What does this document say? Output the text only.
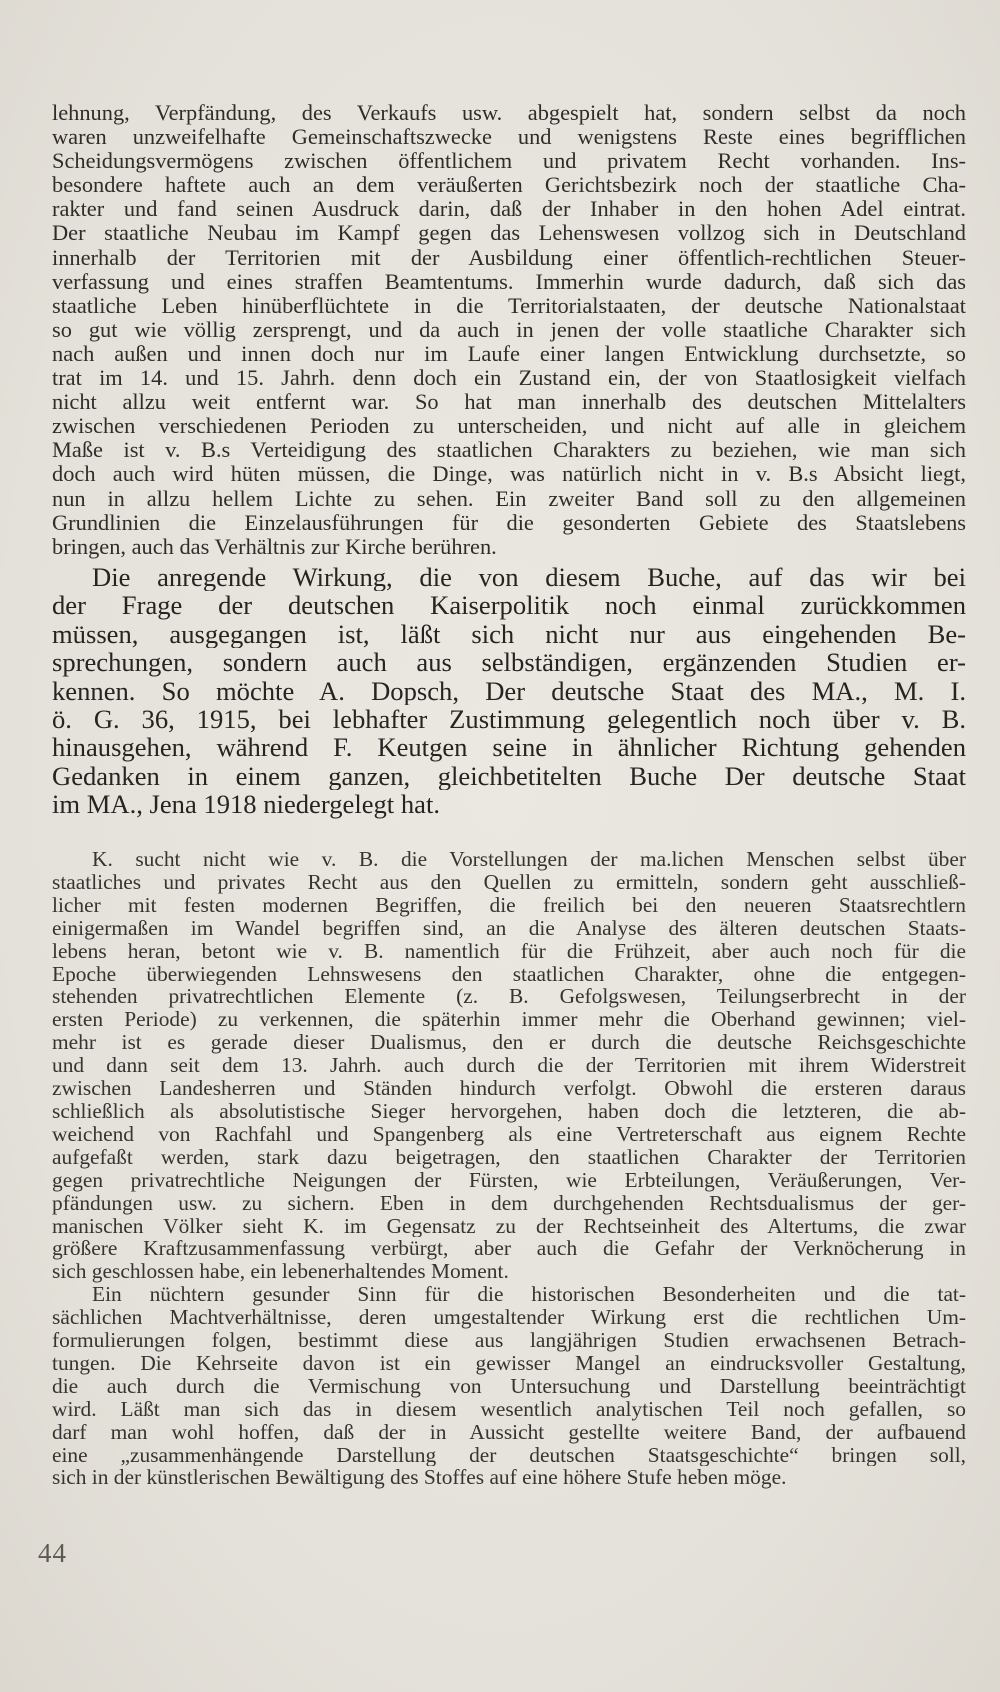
lehnung, Verpfändung, des Verkaufs usw. abgespielt hat, sondern selbst da noch
waren unzweifelhafte Gemeinschaftszwecke und wenigstens Reste eines begrifflichen
Scheidungsvermögens zwischen öffentlichem und privatem Recht vorhanden. Ins-
besondere haftete auch an dem veräußerten Gerichtsbezirk noch der staatliche Cha-
rakter und fand seinen Ausdruck darin, daß der Inhaber in den hohen Adel eintrat.
Der staatliche Neubau im Kampf gegen das Lehenswesen vollzog sich in Deutschland
innerhalb der Territorien mit der Ausbildung einer öffentlich-rechtlichen Steuer-
verfassung und eines straffen Beamtentums. Immerhin wurde dadurch, daß sich das
staatliche Leben hinüberflüchtete in die Territorialstaaten, der deutsche Nationalstaat
so gut wie völlig zersprengt, und da auch in jenen der volle staatliche Charakter sich
nach außen und innen doch nur im Laufe einer langen Entwicklung durchsetzte, so
trat im 14. und 15. Jahrh. denn doch ein Zustand ein, der von Staatlosigkeit vielfach
nicht allzu weit entfernt war. So hat man innerhalb des deutschen Mittelalters
zwischen verschiedenen Perioden zu unterscheiden, und nicht auf alle in gleichem
Maße ist v. B.s Verteidigung des staatlichen Charakters zu beziehen, wie man sich
doch auch wird hüten müssen, die Dinge, was natürlich nicht in v. B.s Absicht liegt,
nun in allzu hellem Lichte zu sehen. Ein zweiter Band soll zu den allgemeinen
Grundlinien die Einzelausführungen für die gesonderten Gebiete des Staatslebens
bringen, auch das Verhältnis zur Kirche berühren.
Die anregende Wirkung, die von diesem Buche, auf das wir bei
der Frage der deutschen Kaiserpolitik noch einmal zurückkommen
müssen, ausgegangen ist, läßt sich nicht nur aus eingehenden Be-
sprechungen, sondern auch aus selbständigen, ergänzenden Studien er-
kennen. So möchte A. Dopsch, Der deutsche Staat des MA., M. I.
ö. G. 36, 1915, bei lebhafter Zustimmung gelegentlich noch über v. B.
hinausgehen, während F. Keutgen seine in ähnlicher Richtung gehenden
Gedanken in einem ganzen, gleichbetitelten Buche Der deutsche Staat
im MA., Jena 1918 niedergelegt hat.
K. sucht nicht wie v. B. die Vorstellungen der ma.lichen Menschen selbst über
staatliches und privates Recht aus den Quellen zu ermitteln, sondern geht ausschließ-
licher mit festen modernen Begriffen, die freilich bei den neueren Staatsrechtlern
einigermaßen im Wandel begriffen sind, an die Analyse des älteren deutschen Staats-
lebens heran, betont wie v. B. namentlich für die Frühzeit, aber auch noch für die
Epoche überwiegenden Lehnswesens den staatlichen Charakter, ohne die entgegen-
stehenden privatrechtlichen Elemente (z. B. Gefolgswesen, Teilungserbrecht in der
ersten Periode) zu verkennen, die späterhin immer mehr die Oberhand gewinnen; viel-
mehr ist es gerade dieser Dualismus, den er durch die deutsche Reichsgeschichte
und dann seit dem 13. Jahrh. auch durch die der Territorien mit ihrem Widerstreit
zwischen Landesherren und Ständen hindurch verfolgt. Obwohl die ersteren daraus
schließlich als absolutistische Sieger hervorgehen, haben doch die letzteren, die ab-
weichend von Rachfahl und Spangenberg als eine Vertreterschaft aus eignem Rechte
aufgefaßt werden, stark dazu beigetragen, den staatlichen Charakter der Territorien
gegen privatrechtliche Neigungen der Fürsten, wie Erbteilungen, Veräußerungen, Ver-
pfändungen usw. zu sichern. Eben in dem durchgehenden Rechtsdualismus der ger-
manischen Völker sieht K. im Gegensatz zu der Rechtseinheit des Altertums, die zwar
größere Kraftzusammenfassung verbürgt, aber auch die Gefahr der Verknöcherung in
sich geschlossen habe, ein lebenerhaltendes Moment.
Ein nüchtern gesunder Sinn für die historischen Besonderheiten und die tat-
sächlichen Machtverhältnisse, deren umgestaltender Wirkung erst die rechtlichen Um-
formulierungen folgen, bestimmt diese aus langjährigen Studien erwachsenen Betrach-
tungen. Die Kehrseite davon ist ein gewisser Mangel an eindrucksvoller Gestaltung,
die auch durch die Vermischung von Untersuchung und Darstellung beeinträchtigt
wird. Läßt man sich das in diesem wesentlich analytischen Teil noch gefallen, so
darf man wohl hoffen, daß der in Aussicht gestellte weitere Band, der aufbauend
eine „zusammenhängende Darstellung der deutschen Staatsgeschichte“ bringen soll,
sich in der künstlerischen Bewältigung des Stoffes auf eine höhere Stufe heben möge.
44
